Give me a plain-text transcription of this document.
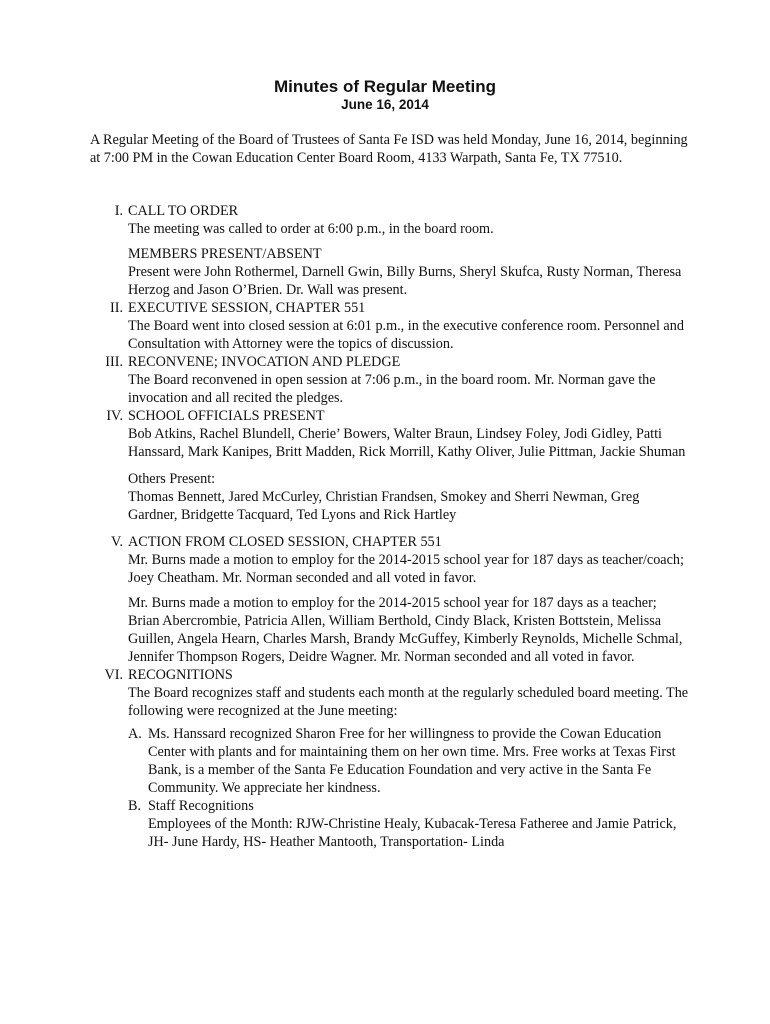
Minutes of Regular Meeting
June 16, 2014
A Regular Meeting of the Board of Trustees of Santa Fe ISD was held Monday, June 16, 2014, beginning at 7:00 PM in the Cowan Education Center Board Room, 4133 Warpath, Santa Fe, TX 77510.
I. CALL TO ORDER
The meeting was called to order at 6:00 p.m., in the board room.
MEMBERS PRESENT/ABSENT
Present were John Rothermel, Darnell Gwin, Billy Burns, Sheryl Skufca, Rusty Norman, Theresa Herzog and Jason O’Brien. Dr. Wall was present.
II. EXECUTIVE SESSION, CHAPTER 551
The Board went into closed session at 6:01 p.m., in the executive conference room. Personnel and Consultation with Attorney were the topics of discussion.
III. RECONVENE; INVOCATION AND PLEDGE
The Board reconvened in open session at 7:06 p.m., in the board room. Mr. Norman gave the invocation and all recited the pledges.
IV. SCHOOL OFFICIALS PRESENT
Bob Atkins, Rachel Blundell, Cherie’ Bowers, Walter Braun, Lindsey Foley, Jodi Gidley, Patti Hanssard, Mark Kanipes, Britt Madden, Rick Morrill, Kathy Oliver, Julie Pittman, Jackie Shuman
Others Present:
Thomas Bennett, Jared McCurley, Christian Frandsen, Smokey and Sherri Newman, Greg Gardner, Bridgette Tacquard, Ted Lyons and Rick Hartley
V. ACTION FROM CLOSED SESSION, CHAPTER 551
Mr. Burns made a motion to employ for the 2014-2015 school year for 187 days as teacher/coach; Joey Cheatham. Mr. Norman seconded and all voted in favor.
Mr. Burns made a motion to employ for the 2014-2015 school year for 187 days as a teacher; Brian Abercrombie, Patricia Allen, William Berthold, Cindy Black, Kristen Bottstein, Melissa Guillen, Angela Hearn, Charles Marsh, Brandy McGuffey, Kimberly Reynolds, Michelle Schmal, Jennifer Thompson Rogers, Deidre Wagner. Mr. Norman seconded and all voted in favor.
VI. RECOGNITIONS
The Board recognizes staff and students each month at the regularly scheduled board meeting. The following were recognized at the June meeting:
A. Ms. Hanssard recognized Sharon Free for her willingness to provide the Cowan Education Center with plants and for maintaining them on her own time. Mrs. Free works at Texas First Bank, is a member of the Santa Fe Education Foundation and very active in the Santa Fe Community. We appreciate her kindness.
B. Staff Recognitions
Employees of the Month: RJW-Christine Healy, Kubacak-Teresa Fatheree and Jamie Patrick, JH- June Hardy, HS- Heather Mantooth, Transportation- Linda
